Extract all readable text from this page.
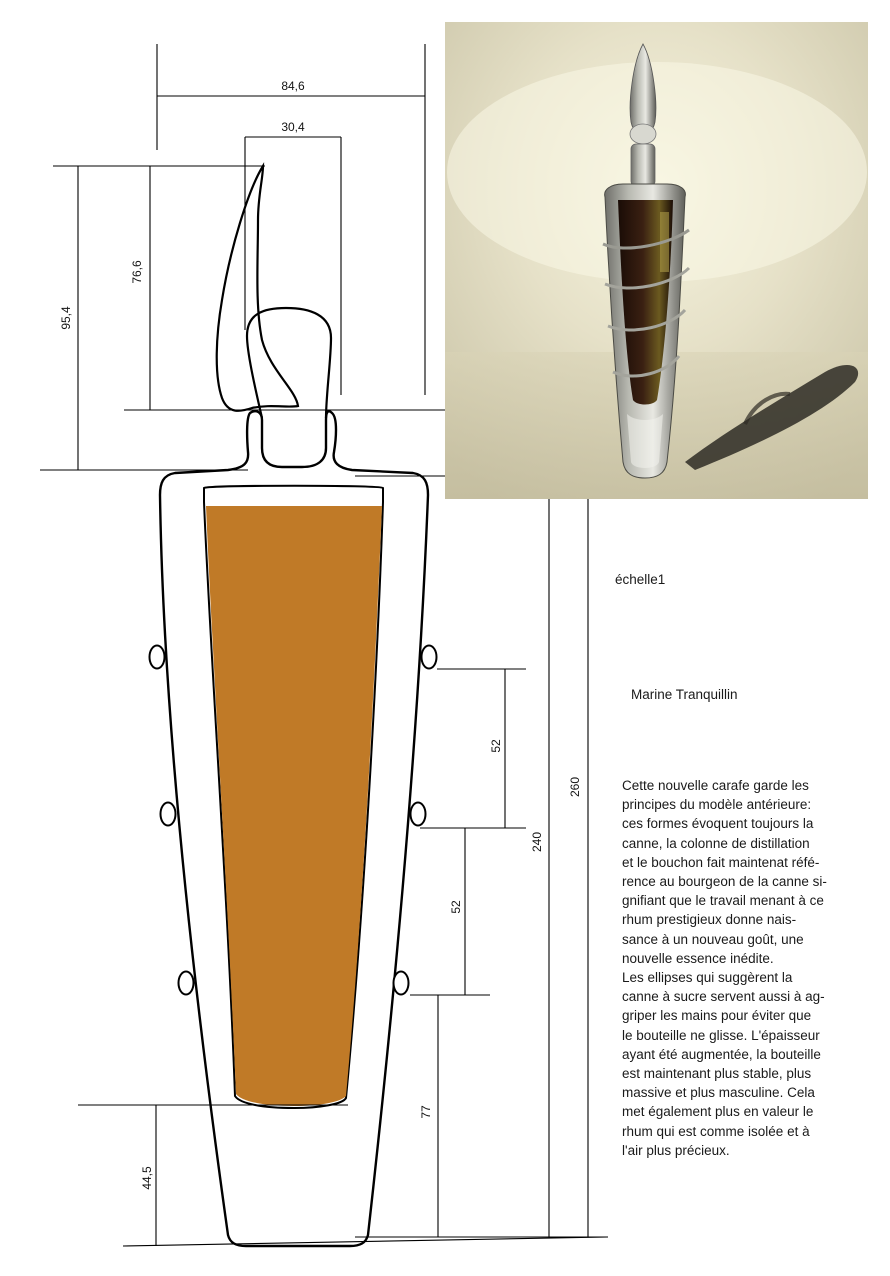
84,6
30,4
95,4
76,6
260
240
52
52
77
44,5
échelle1
Marine Tranquillin
Cette nouvelle carafe garde les
principes du modèle antérieure:
ces formes évoquent toujours la
canne, la colonne de distillation
et le bouchon fait maintenat réfé-
rence au bourgeon de la canne si-
gnifiant que le travail menant à ce
rhum prestigieux donne nais-
sance à un nouveau goût, une
nouvelle essence inédite.
Les ellipses qui suggèrent la
canne à sucre servent aussi à ag-
griper les mains pour éviter que
le bouteille ne glisse. L'épaisseur
ayant été augmentée, la bouteille
est maintenant plus stable, plus
massive et plus masculine. Cela
met également plus en valeur le
rhum qui est comme isolée et à
l'air plus précieux.
